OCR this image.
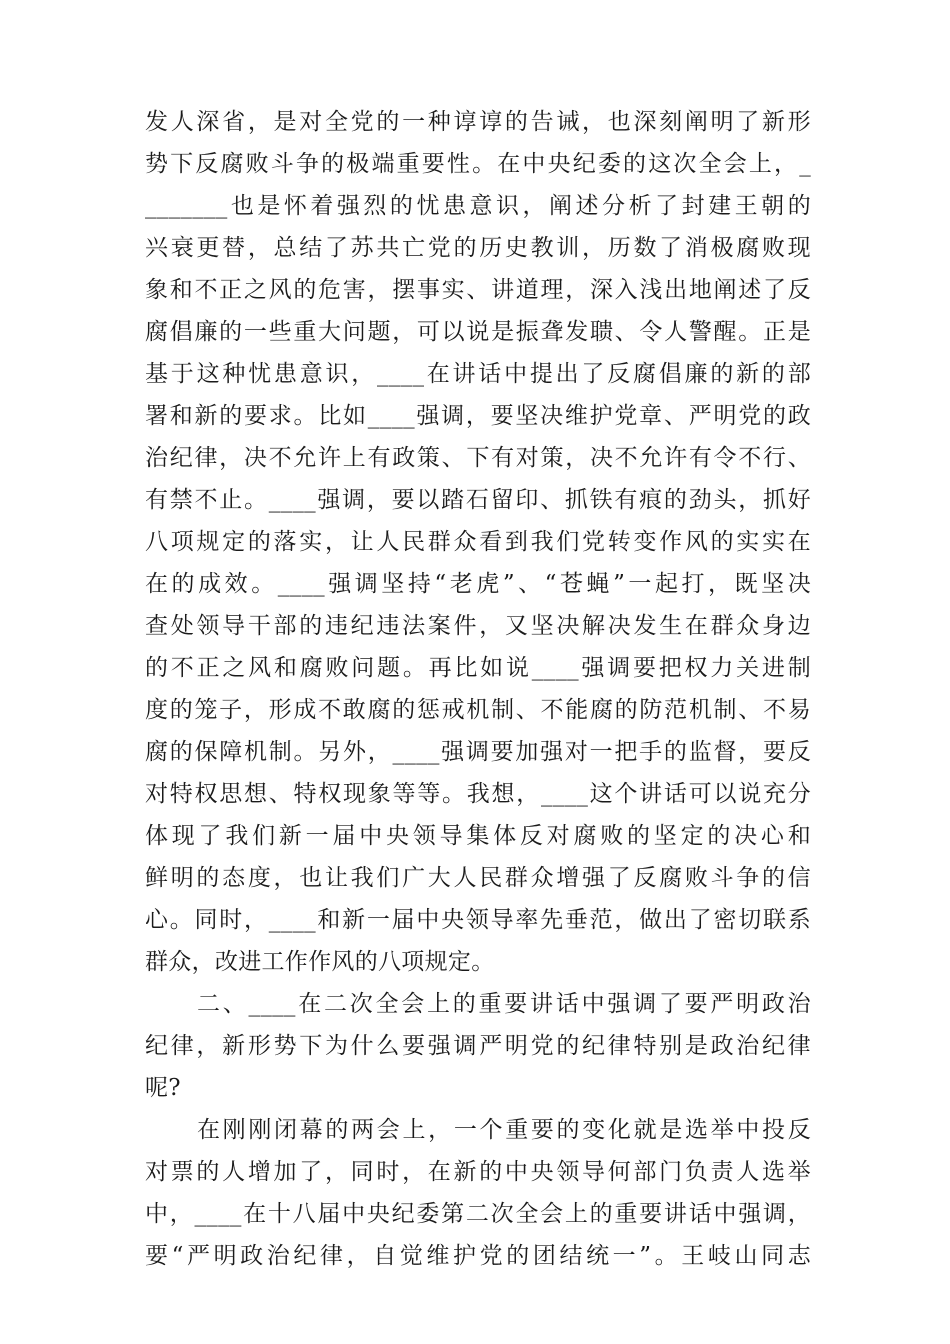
发人深省，是对全党的一种谆谆的告诫，也深刻阐明了新形
势下反腐败斗争的极端重要性。在中央纪委的这次全会上，_
_______也是怀着强烈的忧患意识，阐述分析了封建王朝的
兴衰更替，总结了苏共亡党的历史教训，历数了消极腐败现
象和不正之风的危害，摆事实、讲道理，深入浅出地阐述了反
腐倡廉的一些重大问题，可以说是振聋发聩、令人警醒。正是
基于这种忧患意识，____在讲话中提出了反腐倡廉的新的部
署和新的要求。比如____强调，要坚决维护党章、严明党的政
治纪律，决不允许上有政策、下有对策，决不允许有令不行、
有禁不止。____强调，要以踏石留印、抓铁有痕的劲头，抓好
八项规定的落实，让人民群众看到我们党转变作风的实实在
在的成效。____强调坚持“老虎”、“苍蝇”一起打，既坚决
查处领导干部的违纪违法案件，又坚决解决发生在群众身边
的不正之风和腐败问题。再比如说____强调要把权力关进制
度的笼子，形成不敢腐的惩戒机制、不能腐的防范机制、不易
腐的保障机制。另外，____强调要加强对一把手的监督，要反
对特权思想、特权现象等等。我想，____这个讲话可以说充分
体现了我们新一届中央领导集体反对腐败的坚定的决心和
鲜明的态度，也让我们广大人民群众增强了反腐败斗争的信
心。同时，____和新一届中央领导率先垂范，做出了密切联系
群众，改进工作作风的八项规定。
二、____在二次全会上的重要讲话中强调了要严明政治
纪律，新形势下为什么要强调严明党的纪律特别是政治纪律
呢?
在刚刚闭幕的两会上，一个重要的变化就是选举中投反
对票的人增加了，同时，在新的中央领导何部门负责人选举
中，____在十八届中央纪委第二次全会上的重要讲话中强调，
要“严明政治纪律，自觉维护党的团结统一”。王岐山同志
